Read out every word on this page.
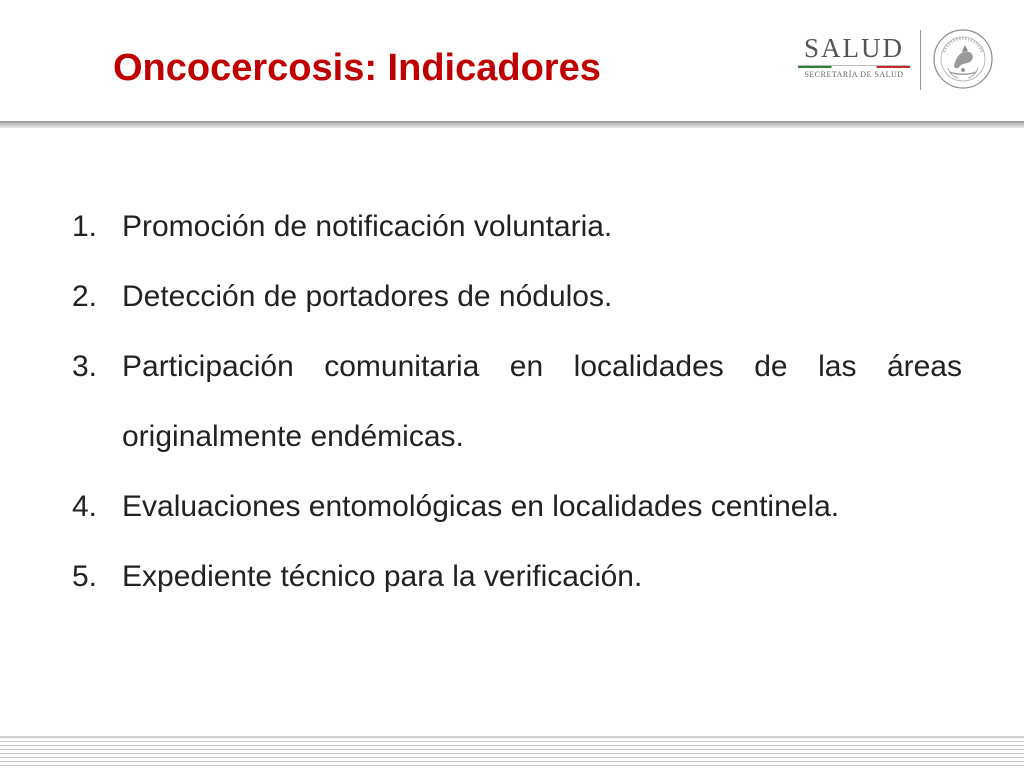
Oncocercosis: Indicadores	SALUD
SECRETARÍA DE SALUD
1. Promoción de notificación voluntaria.
2. Detección de portadores de nódulos.
3. Participación comunitaria en localidades de las áreas originalmente endémicas.
4. Evaluaciones entomológicas en localidades centinela.
5. Expediente técnico para la verificación.
